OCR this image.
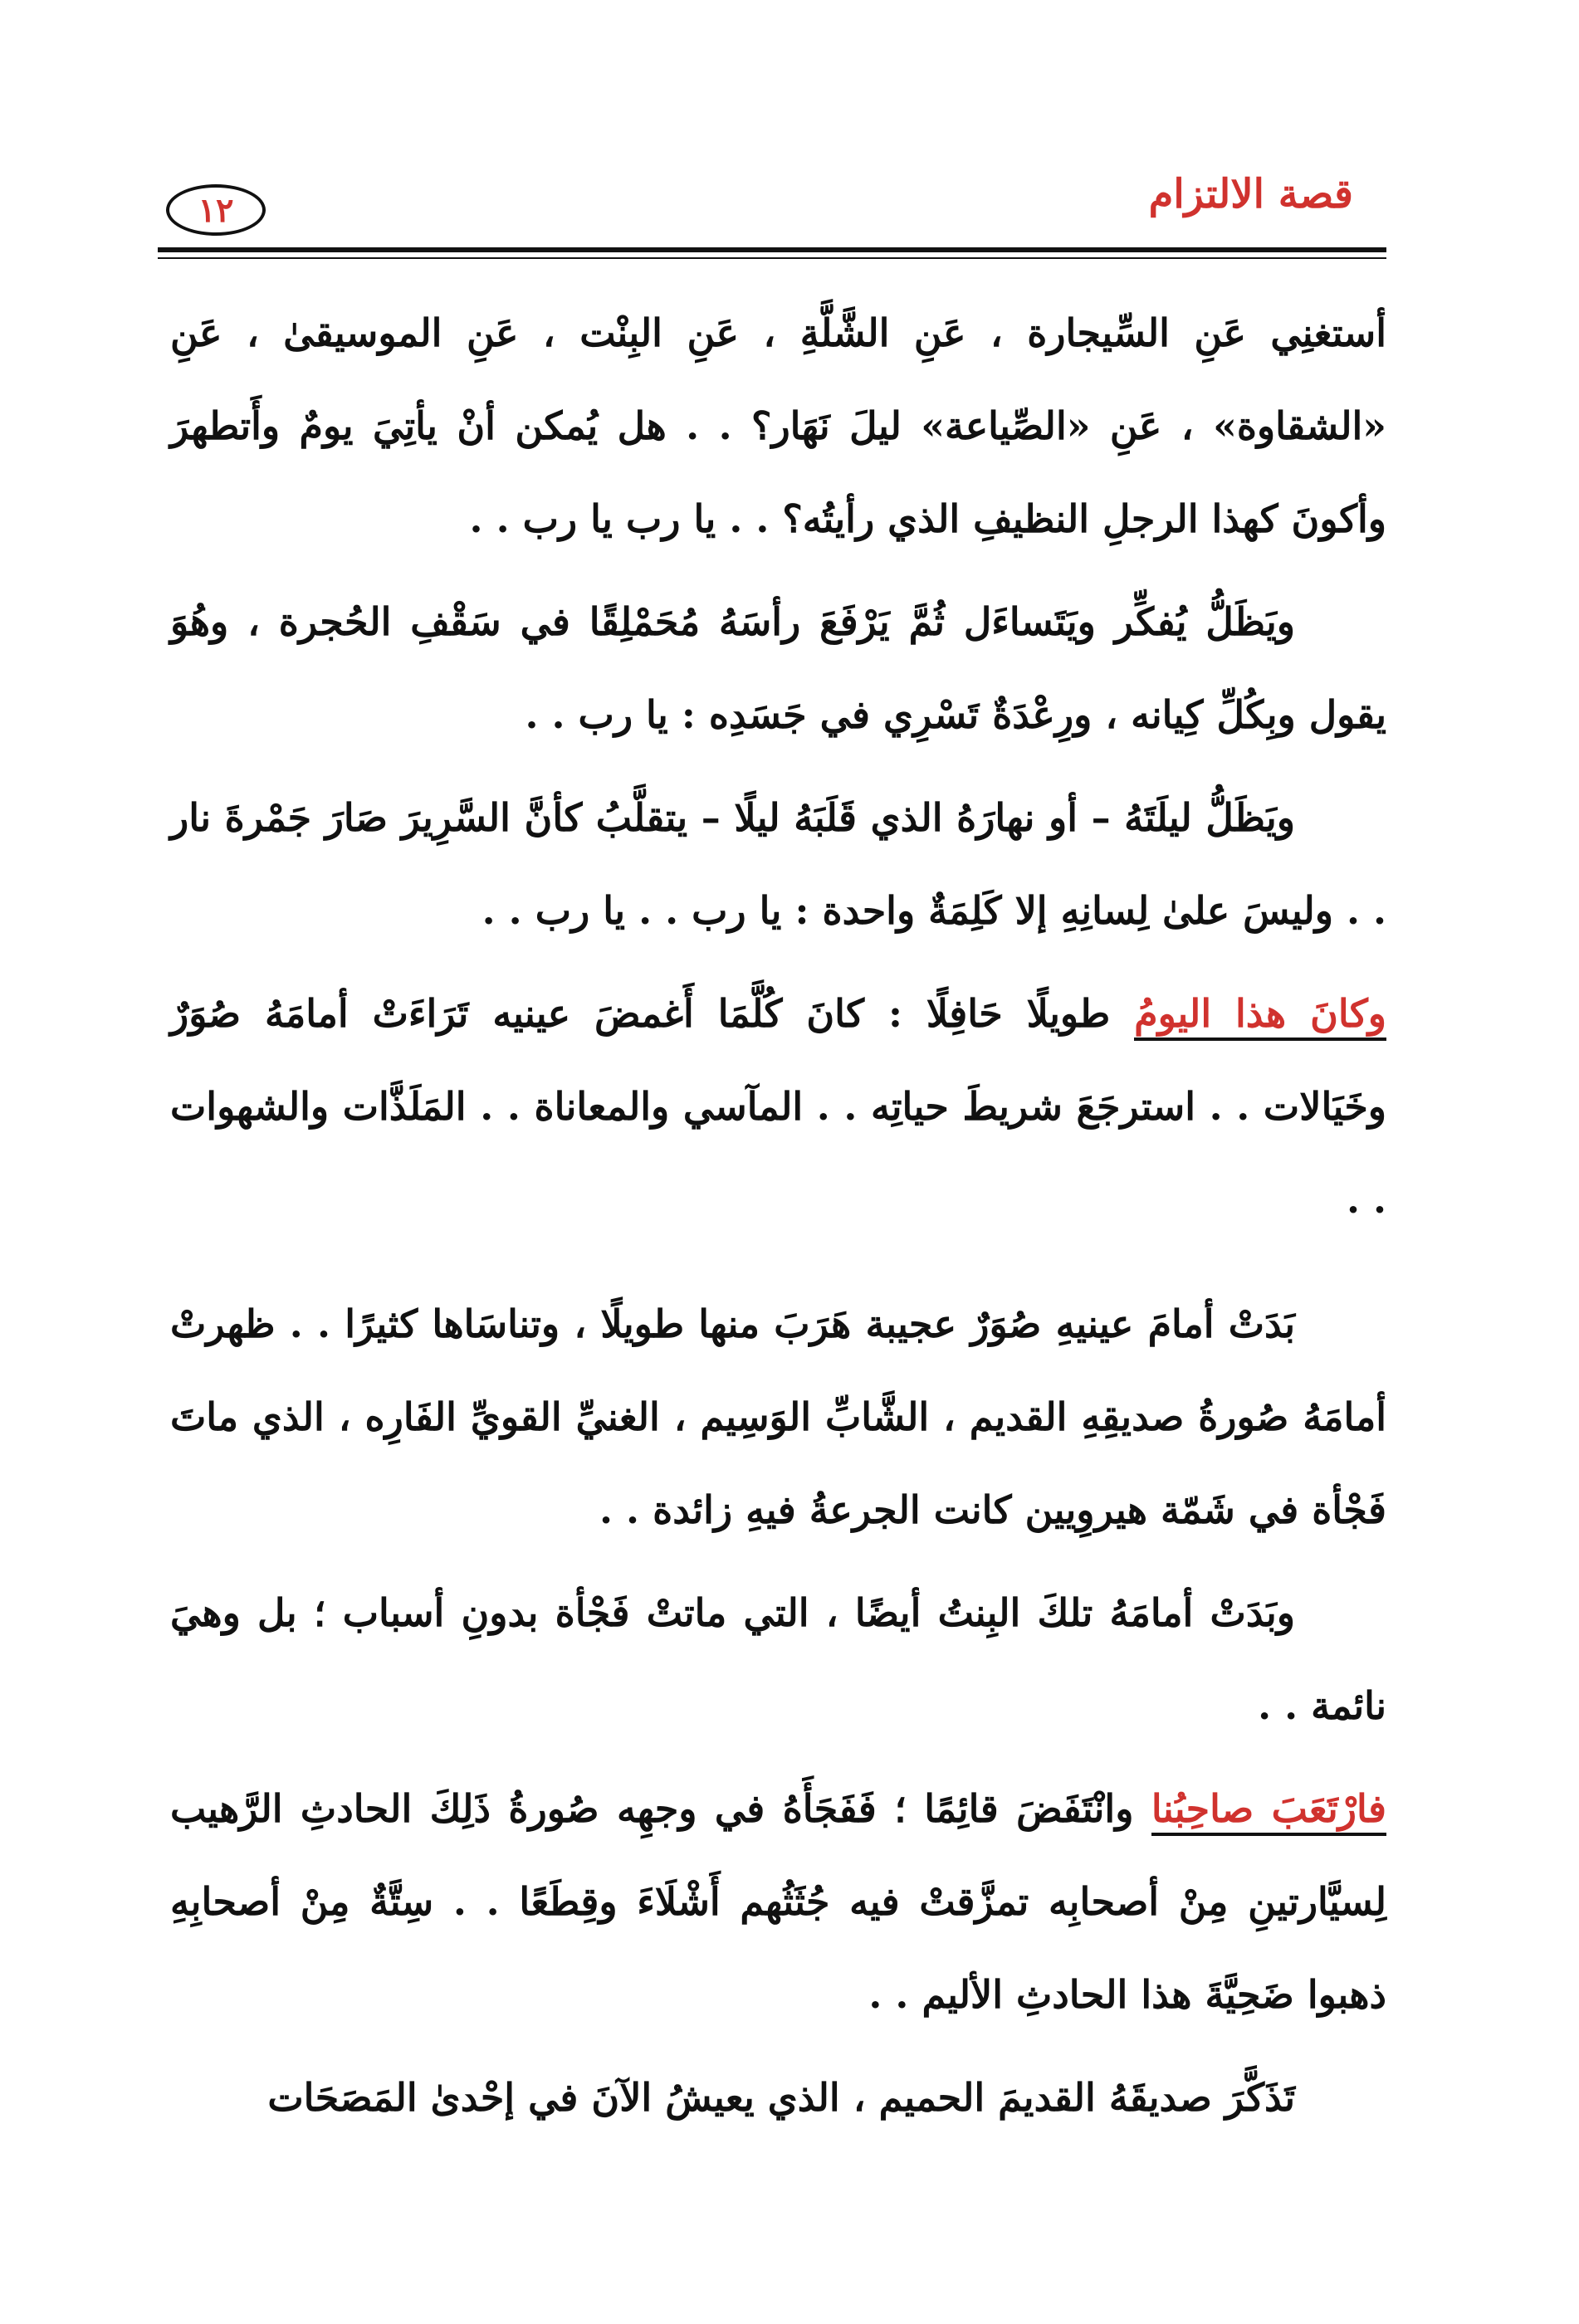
١٢	قصة الالتزام

أستغنِي عَنِ السِّيجارة ، عَنِ الشَّلَّةِ ، عَنِ البِنْت ، عَنِ الموسيقىٰ ، عَنِ «الشقاوة» ، عَنِ «الصِّياعة» ليلَ نَهَار؟ . . هل يُمكن أنْ يأتِيَ يومٌ وأَتطهرَ وأكونَ كهذا الرجلِ النظيفِ الذي رأيتُه؟ . . يا رب يا رب . .

ويَظَلُّ يُفكِّر ويَتَساءَل ثُمَّ يَرْفَعَ رأسَهُ مُحَمْلِقًا في سَقْفِ الحُجرة ، وهُوَ يقول وبِكُلِّ كِيانه ، ورِعْدَةٌ تَسْرِي في جَسَدِه : يا رب . .

ويَظَلُّ ليلَتَهُ – أو نهارَهُ الذي قَلَبَهُ ليلًا – يتقلَّبُ كأنَّ السَّرِيرَ صَارَ جَمْرةَ نار . . وليسَ علىٰ لِسانِهِ إلا كَلِمَةٌ واحدة : يا رب . . يا رب . .

وكانَ هذا اليومُ طويلًا حَافِلًا : كانَ كُلَّمَا أَغمضَ عينيه تَرَاءَتْ أمامَهُ صُوَرٌ وخَيَالات . . استرجَعَ شريطَ حياتِه . . المآسي والمعاناة . . المَلَذَّات والشهوات . .

بَدَتْ أمامَ عينيهِ صُوَرٌ عجيبة هَرَبَ منها طويلًا ، وتناسَاها كثيرًا . . ظهرتْ أمامَهُ صُورةُ صديقِهِ القديم ، الشَّابِّ الوَسِيم ، الغنيِّ القويِّ الفَارِه ، الذي ماتَ فَجْأة في شَمّة هيروِيين كانت الجرعةُ فيهِ زائدة . .

وبَدَتْ أمامَهُ تلكَ البِنتُ أيضًا ، التي ماتتْ فَجْأة بدونِ أسباب ؛ بل وهيَ نائمة . .

فارْتَعَبَ صاحِبُنا وانْتَفَضَ قائِمًا ؛ فَفَجَأَهُ في وجهِه صُورةُ ذَلِكَ الحادثِ الرَّهيب لِسيَّارتينِ مِنْ أصحابِه تمزَّقتْ فيه جُثَثُهم أَشْلَاءَ وقِطَعًا . . سِتَّةٌ مِنْ أصحابِهِ ذهبوا ضَحِيَّةَ هذا الحادثِ الأليم . .

تَذَكَّرَ صديقَهُ القديمَ الحميم ، الذي يعيشُ الآنَ في إحْدىٰ المَصَحَات
